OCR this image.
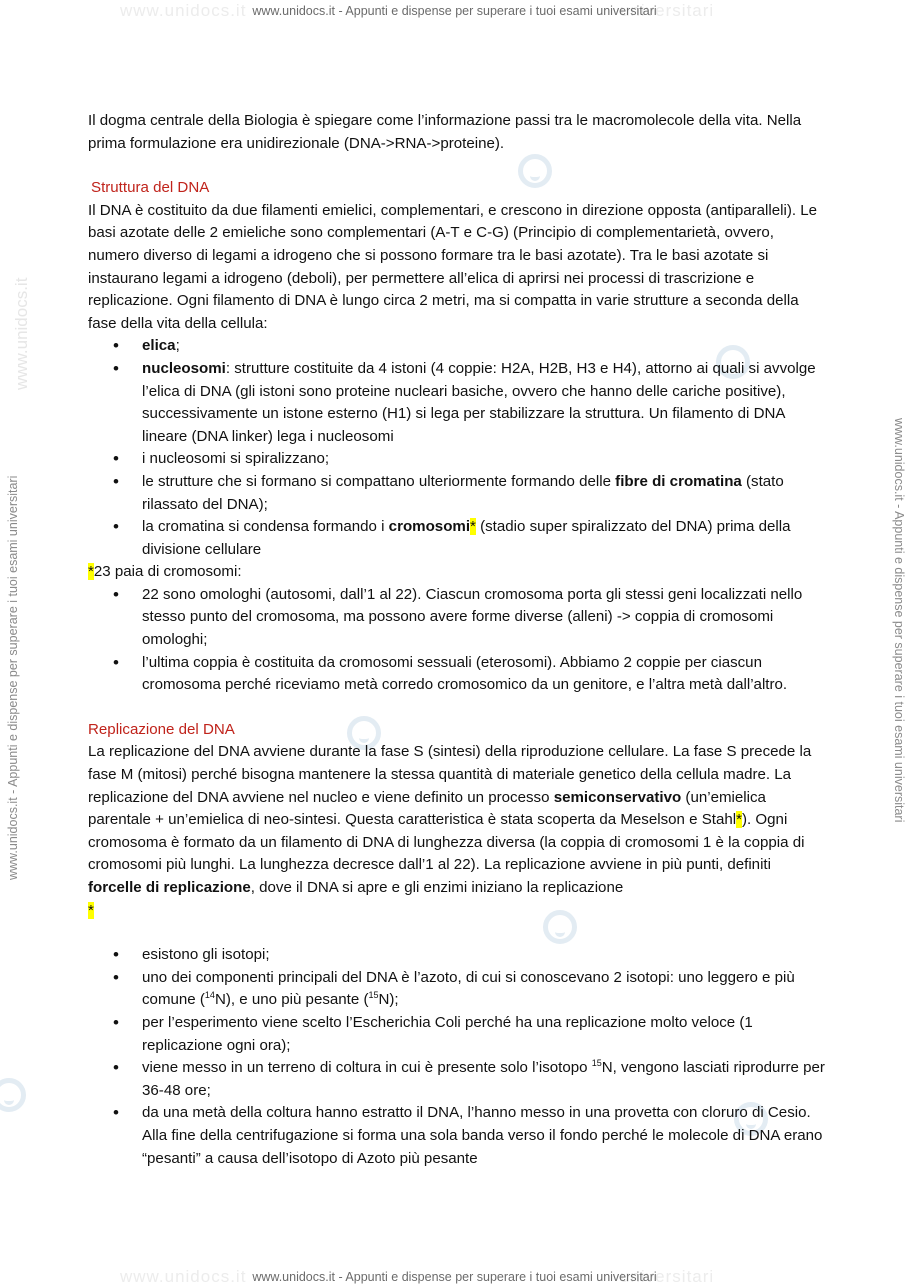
www.unidocs.it	universitari
www.unidocs.it - Appunti e dispense per superare i tuoi esami universitari
www.unidocs.it
www.unidocs.it - Appunti e dispense per superare i tuoi esami universitari	www.unidocs.it - Appunti e dispense per superare i tuoi esami universitari

Il dogma centrale della Biologia è spiegare come l’informazione passi tra le macromolecole della vita. Nella prima formulazione era unidirezionale (DNA->RNA->proteine).

Struttura del DNA

Il DNA è costituito da due filamenti emielici, complementari, e crescono in direzione opposta (antiparalleli). Le basi azotate delle 2 emieliche sono complementari (A-T e C-G) (Principio di complementarietà, ovvero, numero diverso di legami a idrogeno che si possono formare tra le basi azotate). Tra le basi azotate si instaurano legami a idrogeno (deboli), per permettere all’elica di aprirsi nei processi di trascrizione e replicazione. Ogni filamento di DNA è lungo circa 2 metri, ma si compatta in varie strutture a seconda della fase della vita della cellula:

• elica;
• nucleosomi: strutture costituite da 4 istoni (4 coppie: H2A, H2B, H3 e H4), attorno ai quali si avvolge l’elica di DNA (gli istoni sono proteine nucleari basiche, ovvero che hanno delle cariche positive), successivamente un istone esterno (H1) si lega per stabilizzare la struttura. Un filamento di DNA lineare (DNA linker) lega i nucleosomi
• i nucleosomi si spiralizzano;
• le strutture che si formano si compattano ulteriormente formando delle fibre di cromatina (stato rilassato del DNA);
• la cromatina si condensa formando i cromosomi* (stadio super spiralizzato del DNA) prima della divisione cellulare

*23 paia di cromosomi:

• 22 sono omologhi (autosomi, dall’1 al 22). Ciascun cromosoma porta gli stessi geni localizzati nello stesso punto del cromosoma, ma possono avere forme diverse (alleni) -> coppia di cromosomi omologhi;
• l’ultima coppia è costituita da cromosomi sessuali (eterosomi). Abbiamo 2 coppie per ciascun cromosoma perché riceviamo metà corredo cromosomico da un genitore, e l’altra metà dall’altro.

Replicazione del DNA

La replicazione del DNA avviene durante la fase S (sintesi) della riproduzione cellulare. La fase S precede la fase M (mitosi) perché bisogna mantenere la stessa quantità di materiale genetico della cellula madre. La replicazione del DNA avviene nel nucleo e viene definito un processo semiconservativo (un’emielica parentale + un’emielica di neo-sintesi. Questa caratteristica è stata scoperta da Meselson e Stahl*). Ogni cromosoma è formato da un filamento di DNA di lunghezza diversa (la coppia di cromosomi 1 è la coppia di cromosomi più lunghi. La lunghezza decresce dall’1 al 22). La replicazione avviene in più punti, definiti forcelle di replicazione, dove il DNA si apre e gli enzimi iniziano la replicazione

*

• esistono gli isotopi;
• uno dei componenti principali del DNA è l’azoto, di cui si conoscevano 2 isotopi: uno leggero e più comune ($^{14}$N), e uno più pesante ($^{15}$N);
• per l’esperimento viene scelto l’Escherichia Coli perché ha una replicazione molto veloce (1 replicazione ogni ora);
• viene messo in un terreno di coltura in cui è presente solo l’isotopo $^{15}$N, vengono lasciati riprodurre per 36-48 ore;
• da una metà della coltura hanno estratto il DNA, l’hanno messo in una provetta con cloruro di Cesio. Alla fine della centrifugazione si forma una sola banda verso il fondo perché le molecole di DNA erano “pesanti” a causa dell’isotopo di Azoto più pesante
www.unidocs.it	universitari
www.unidocs.it - Appunti e dispense per superare i tuoi esami universitari
